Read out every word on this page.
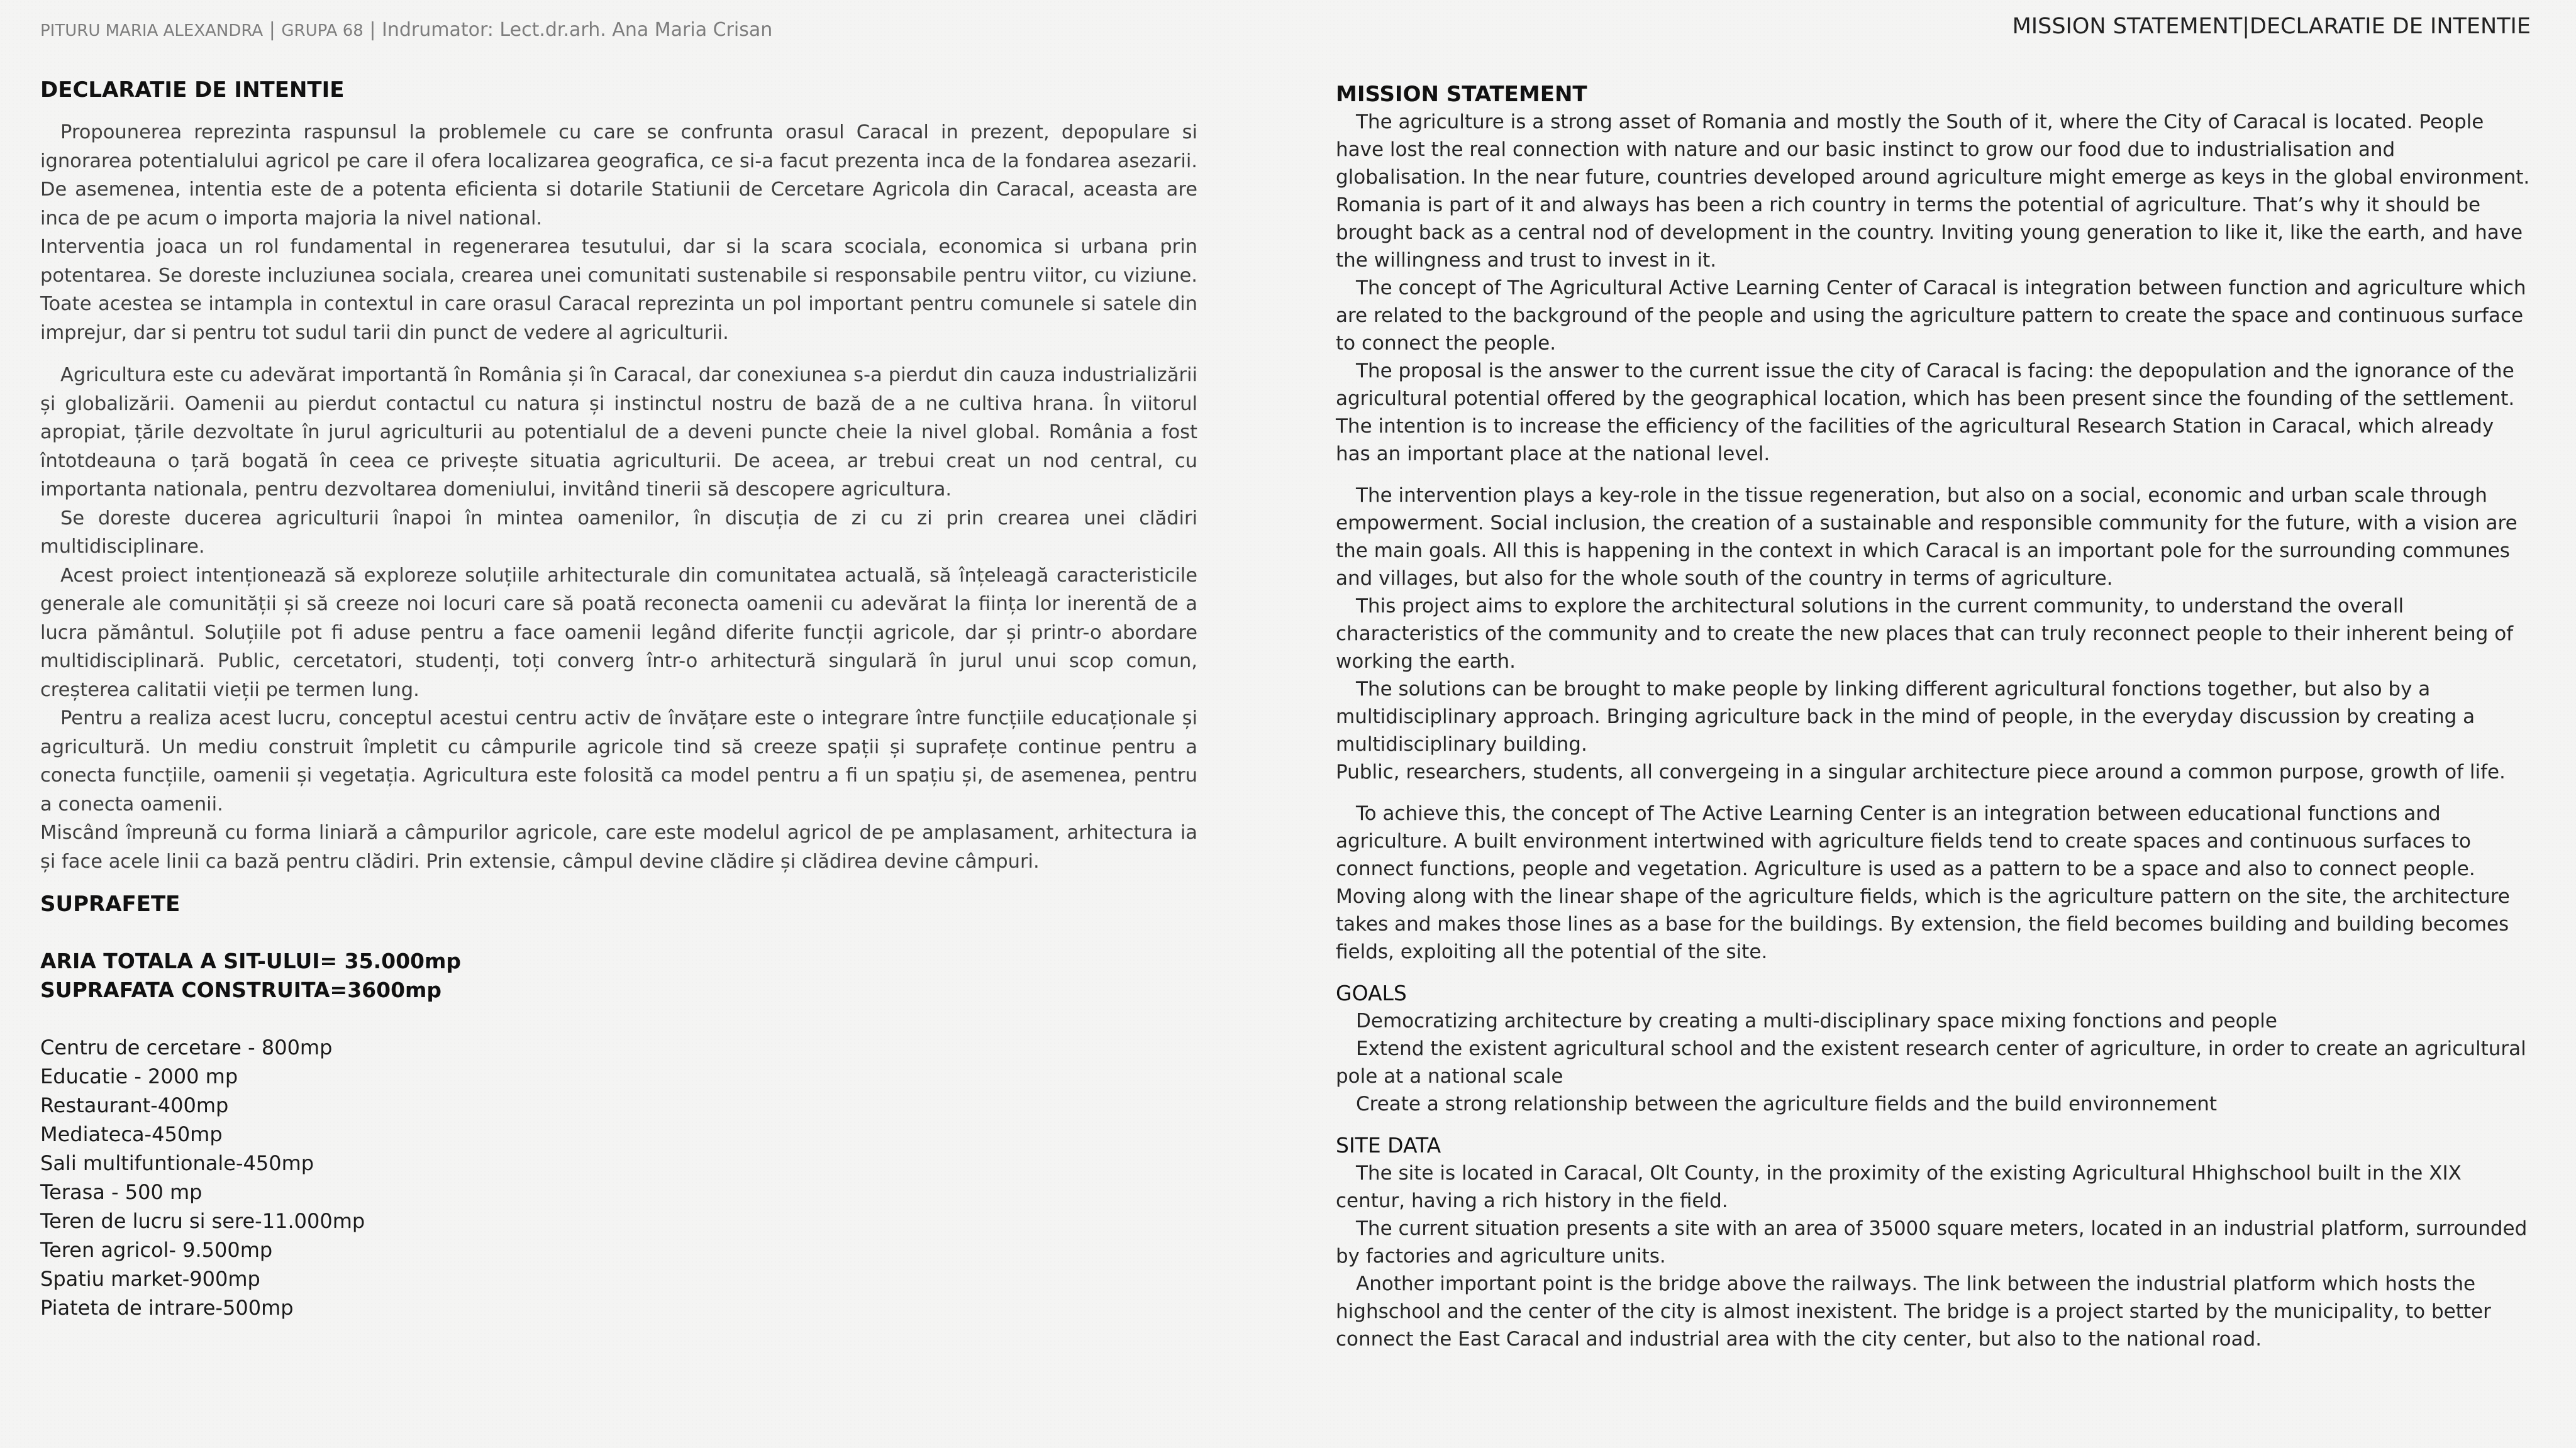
PITURU MARIA ALEXANDRA | GRUPA 68 | Indrumator: Lect.dr.arh. Ana Maria Crisan	MISSION STATEMENT|DECLARATIE DE INTENTIE
DECLARATIE DE INTENTIE

Propounerea reprezinta raspunsul la problemele cu care se confrunta orasul Caracal in prezent, depopulare si ignorarea potentialului agricol pe care il ofera localizarea geografica, ce si-a facut prezenta inca de la fondarea asezarii. De asemenea, intentia este de a potenta eficienta si dotarile Statiunii de Cercetare Agricola din Caracal, aceasta are inca de pe acum o importa majoria la nivel national.

Interventia joaca un rol fundamental in regenerarea tesutului, dar si la scara scociala, economica si urbana prin potentarea. Se doreste incluziunea sociala, crearea unei comunitati sustenabile si responsabile pentru viitor, cu viziune. Toate acestea se intampla in contextul in care orasul Caracal reprezinta un pol important pentru comunele si satele din imprejur, dar si pentru tot sudul tarii din punct de vedere al agriculturii.

Agricultura este cu adevărat importantă în România și în Caracal, dar conexiunea s-a pierdut din cauza industrializării și globalizării. Oamenii au pierdut contactul cu natura și instinctul nostru de bază de a ne cultiva hrana. În viitorul apropiat, țările dezvoltate în jurul agriculturii au potentialul de a deveni puncte cheie la nivel global. România a fost întotdeauna o țară bogată în ceea ce privește situatia agriculturii. De aceea, ar trebui creat un nod central, cu importanta nationala, pentru dezvoltarea domeniului, invitând tinerii să descopere agricultura.

Se doreste ducerea agriculturii înapoi în mintea oamenilor, în discuția de zi cu zi prin crearea unei clădiri multidisciplinare.

Acest proiect intenționează să exploreze soluțiile arhitecturale din comunitatea actuală, să înțeleagă caracteristicile generale ale comunității și să creeze noi locuri care să poată reconecta oamenii cu adevărat la ființa lor inerentă de a lucra pământul. Soluțiile pot fi aduse pentru a face oamenii legând diferite funcții agricole, dar și printr-o abordare multidisciplinară. Public, cercetatori, studenți, toți converg într-o arhitectură singulară în jurul unui scop comun, creșterea calitatii vieții pe termen lung.

Pentru a realiza acest lucru, conceptul acestui centru activ de învățare este o integrare între funcțiile educaționale și agricultură. Un mediu construit împletit cu câmpurile agricole tind să creeze spații și suprafețe continue pentru a conecta funcțiile, oamenii și vegetația. Agricultura este folosită ca model pentru a fi un spațiu și, de asemenea, pentru a conecta oamenii.

Miscând împreună cu forma liniară a câmpurilor agricole, care este modelul agricol de pe amplasament, arhitectura ia și face acele linii ca bază pentru clădiri. Prin extensie, câmpul devine clădire și clădirea devine câmpuri.

SUPRAFETE
ARIA TOTALA A SIT-ULUI= 35.000mp
SUPRAFATA CONSTRUITA=3600mp
Centru de cercetare - 800mp
Educatie - 2000 mp
Restaurant-400mp
Mediateca-450mp
Sali multifuntionale-450mp
Terasa - 500 mp
Teren de lucru si sere-11.000mp
Teren agricol- 9.500mp
Spatiu market-900mp
Piateta de intrare-500mp
MISSION STATEMENT

The agriculture is a strong asset of Romania and mostly the South of it, where the City of Caracal is located. People have lost the real connection with nature and our basic instinct to grow our food due to industrialisation and globalisation. In the near future, countries developed around agriculture might emerge as keys in the global environment. Romania is part of it and always has been a rich country in terms the potential of agriculture. That’s why it should be brought back as a central nod of development in the country. Inviting young generation to like it, like the earth, and have the willingness and trust to invest in it.

The concept of The Agricultural Active Learning Center of Caracal is integration between function and agriculture which are related to the background of the people and using the agriculture pattern to create the space and continuous surface to connect the people.

The proposal is the answer to the current issue the city of Caracal is facing: the depopulation and the ignorance of the agricultural potential offered by the geographical location, which has been present since the founding of the settlement. The intention is to increase the efficiency of the facilities of the agricultural Research Station in Caracal, which already has an important place at the national level.

The intervention plays a key-role in the tissue regeneration, but also on a social, economic and urban scale through empowerment. Social inclusion, the creation of a sustainable and responsible community for the future, with a vision are the main goals. All this is happening in the context in which Caracal is an important pole for the surrounding communes and villages, but also for the whole south of the country in terms of agriculture.

This project aims to explore the architectural solutions in the current community, to understand the overall characteristics of the community and to create the new places that can truly reconnect people to their inherent being of working the earth.

The solutions can be brought to make people by linking different agricultural fonctions together, but also by a multidisciplinary approach. Bringing agriculture back in the mind of people, in the everyday discussion by creating a multidisciplinary building.

Public, researchers, students, all convergeing in a singular architecture piece around a common purpose, growth of life.

To achieve this, the concept of The Active Learning Center is an integration between educational functions and agriculture. A built environment intertwined with agriculture fields tend to create spaces and continuous surfaces to connect functions, people and vegetation. Agriculture is used as a pattern to be a space and also to connect people.

Moving along with the linear shape of the agriculture fields, which is the agriculture pattern on the site, the architecture takes and makes those lines as a base for the buildings. By extension, the field becomes building and building becomes fields, exploiting all the potential of the site.

GOALS

Democratizing architecture by creating a multi-disciplinary space mixing fonctions and people

Extend the existent agricultural school and the existent research center of agriculture, in order to create an agricultural pole at a national scale

Create a strong relationship between the agriculture fields and the build environnement

SITE DATA

The site is located in Caracal, Olt County, in the proximity of the existing Agricultural Hhighschool built in the XIX centur, having a rich history in the field.

The current situation presents a site with an area of 35000 square meters, located in an industrial platform, surrounded by factories and agriculture units.

Another important point is the bridge above the railways. The link between the industrial platform which hosts the highschool and the center of the city is almost inexistent. The bridge is a project started by the municipality, to better connect the East Caracal and industrial area with the city center, but also to the national road.
